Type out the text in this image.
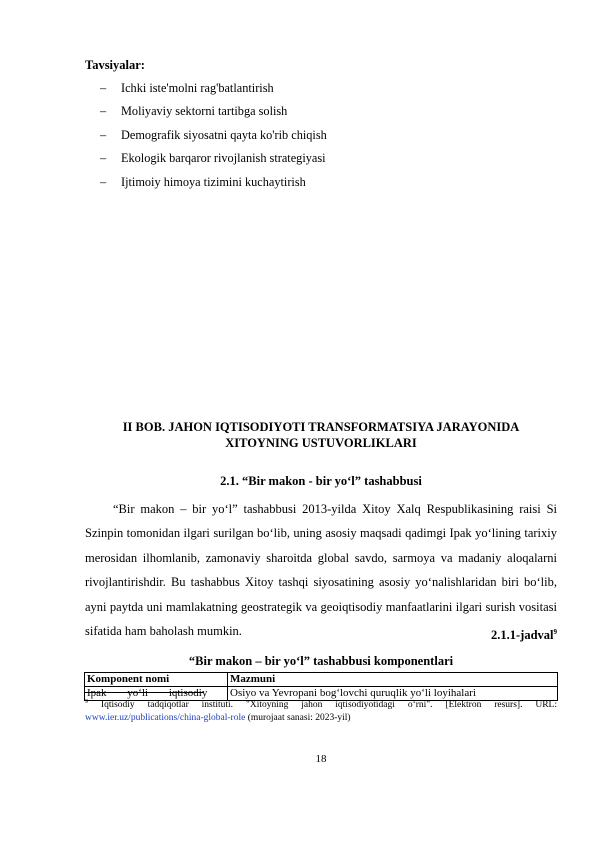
Tavsiyalar:
– Ichki iste'molni rag'batlantirish
– Moliyaviy sektorni tartibga solish
– Demografik siyosatni qayta ko'rib chiqish
– Ekologik barqaror rivojlanish strategiyasi
– Ijtimoiy himoya tizimini kuchaytirish
II BOB. JAHON IQTISODIYOTI TRANSFORMATSIYA JARAYONIDA
XITOYNING USTUVORLIKLARI
2.1. “Bir makon - bir yo‘l” tashabbusi
“Bir makon – bir yo‘l” tashabbusi 2013-yilda Xitoy Xalq Respublikasining raisi Si Szinpin tomonidan ilgari surilgan bo‘lib, uning asosiy maqsadi qadimgi Ipak yo‘lining tarixiy merosidan ilhomlanib, zamonaviy sharoitda global savdo, sarmoya va madaniy aloqalarni rivojlantirishdir. Bu tashabbus Xitoy tashqi siyosatining asosiy yo‘nalishlaridan biri bo‘lib, ayni paytda uni mamlakatning geostrategik va geoiqtisodiy manfaatlarini ilgari surish vositasi sifatida ham baholash mumkin.	2.1.1-jadval$^9$
“Bir makon – bir yo‘l” tashabbusi komponentlari
Komponent nomi	Mazmuni
Ipak yo‘li iqtisodiy	Osiyo va Yevropani bog‘lovchi quruqlik yo‘li loyihalari
$^9$ Iqtisodiy tadqiqotlar instituti. "Xitoyning jahon iqtisodiyotidagi o‘rni". [Elektron resurs]. URL: www.ier.uz/publications/china-global-role (murojaat sanasi: 2023-yil)
18
